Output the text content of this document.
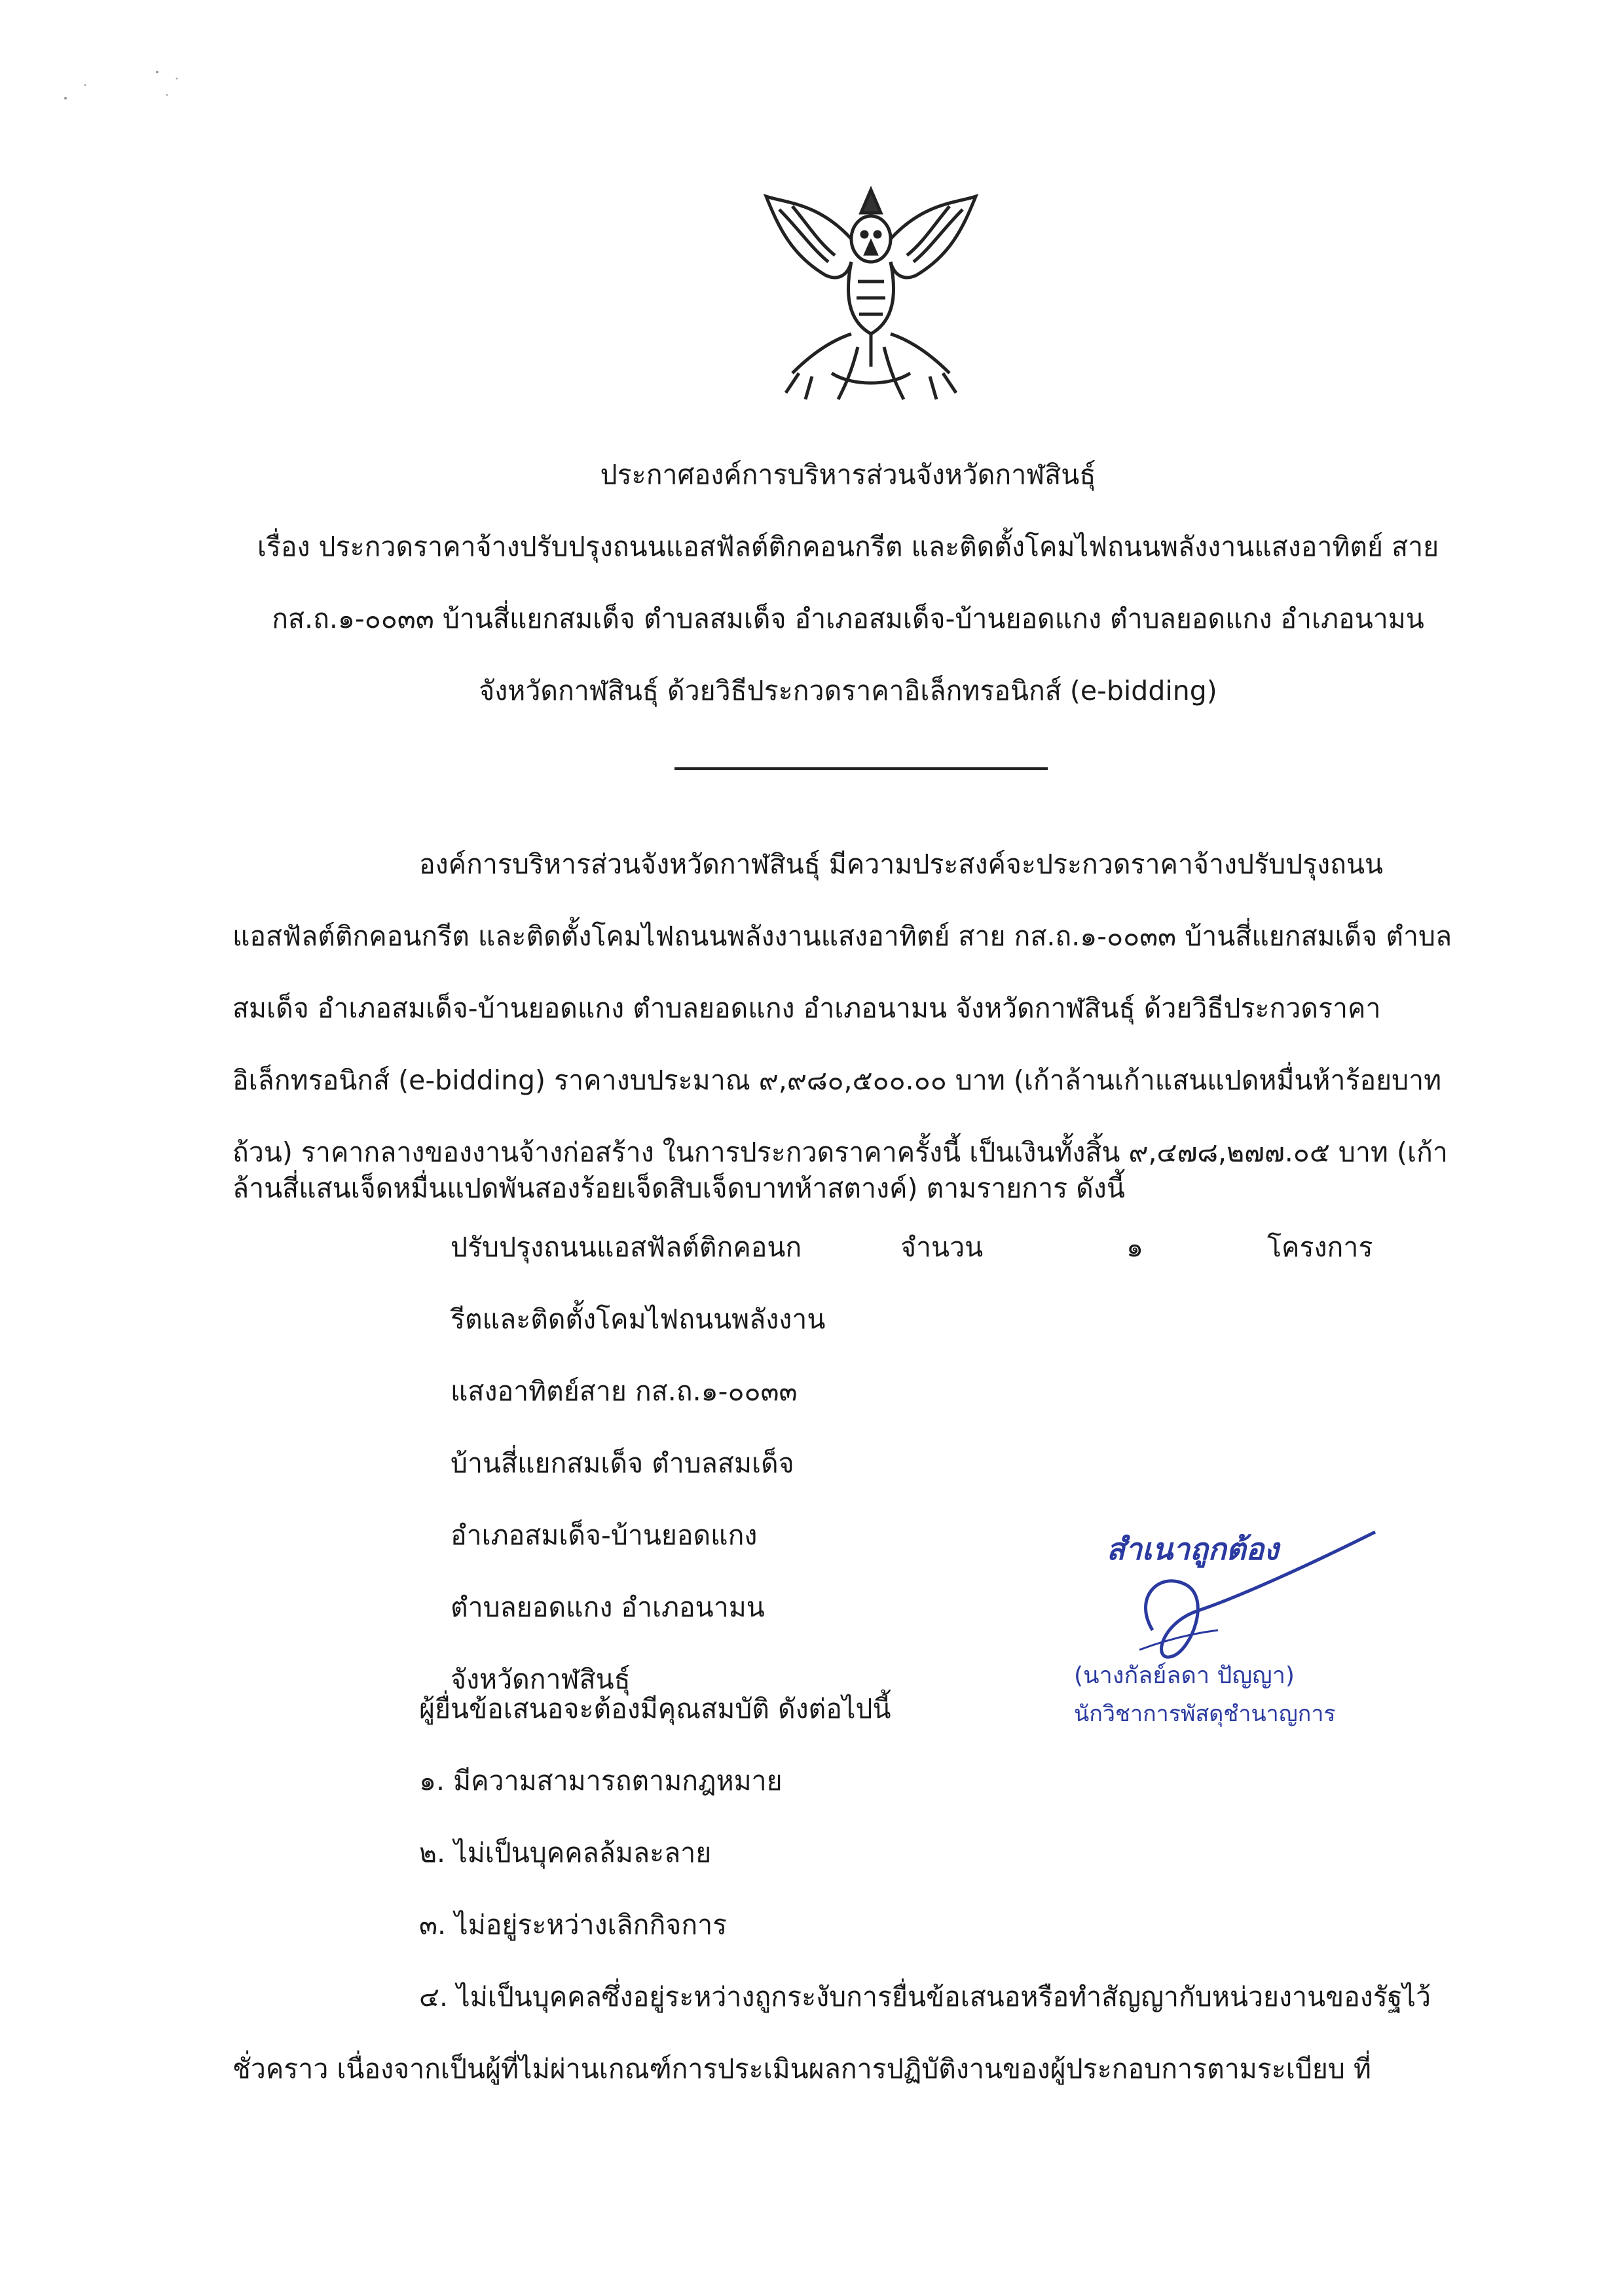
ประกาศองค์การบริหารส่วนจังหวัดกาฬสินธุ์
เรื่อง ประกวดราคาจ้างปรับปรุงถนนแอสฟัลต์ติกคอนกรีต และติดตั้งโคมไฟถนนพลังงานแสงอาทิตย์ สาย
กส.ถ.๑-๐๐๓๓ บ้านสี่แยกสมเด็จ ตำบลสมเด็จ อำเภอสมเด็จ-บ้านยอดแกง ตำบลยอดแกง อำเภอนามน
จังหวัดกาฬสินธุ์ ด้วยวิธีประกวดราคาอิเล็กทรอนิกส์ (e-bidding)
องค์การบริหารส่วนจังหวัดกาฬสินธุ์ มีความประสงค์จะประกวดราคาจ้างปรับปรุงถนน
แอสฟัลต์ติกคอนกรีต และติดตั้งโคมไฟถนนพลังงานแสงอาทิตย์ สาย กส.ถ.๑-๐๐๓๓ บ้านสี่แยกสมเด็จ ตำบล
สมเด็จ อำเภอสมเด็จ-บ้านยอดแกง ตำบลยอดแกง อำเภอนามน จังหวัดกาฬสินธุ์ ด้วยวิธีประกวดราคา
อิเล็กทรอนิกส์ (e-bidding) ราคางบประมาณ ๙,๙๘๐,๕๐๐.๐๐ บาท (เก้าล้านเก้าแสนแปดหมื่นห้าร้อยบาท
ถ้วน) ราคากลางของงานจ้างก่อสร้าง ในการประกวดราคาครั้งนี้ เป็นเงินทั้งสิ้น ๙,๔๗๘,๒๗๗.๐๕ บาท (เก้า
ล้านสี่แสนเจ็ดหมื่นแปดพันสองร้อยเจ็ดสิบเจ็ดบาทห้าสตางค์) ตามรายการ ดังนี้
ปรับปรุงถนนแอสฟัลต์ติกคอนก
รีตและติดตั้งโคมไฟถนนพลังงาน
แสงอาทิตย์สาย กส.ถ.๑-๐๐๓๓
บ้านสี่แยกสมเด็จ ตำบลสมเด็จ
อำเภอสมเด็จ-บ้านยอดแกง
ตำบลยอดแกง อำเภอนามน
จังหวัดกาฬสินธุ์
จำนวน	๑	โครงการ
ผู้ยื่นข้อเสนอจะต้องมีคุณสมบัติ ดังต่อไปนี้
๑. มีความสามารถตามกฎหมาย
๒. ไม่เป็นบุคคลล้มละลาย
๓. ไม่อยู่ระหว่างเลิกกิจการ
๔. ไม่เป็นบุคคลซึ่งอยู่ระหว่างถูกระงับการยื่นข้อเสนอหรือทำสัญญากับหน่วยงานของรัฐไว้
ชั่วคราว เนื่องจากเป็นผู้ที่ไม่ผ่านเกณฑ์การประเมินผลการปฏิบัติงานของผู้ประกอบการตามระเบียบ ที่
สำเนาถูกต้อง
(นางกัลย์ลดา ปัญญา)
นักวิชาการพัสดุชำนาญการ
